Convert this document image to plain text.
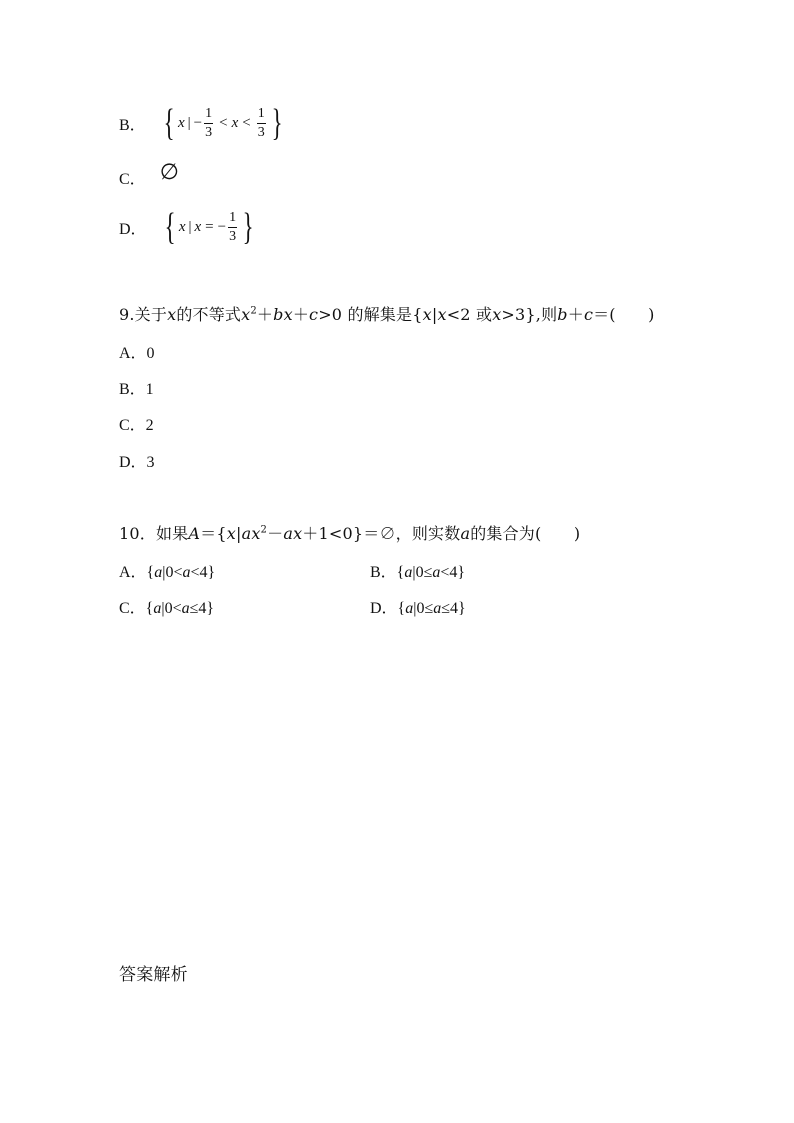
B． { x | − $\frac{1}{3} < x < \frac{1}{3}$ }
C． ∅
D． { x | x = − $\frac{1}{3}$ }
9.关于x的不等式$x^2+bx+c>0$ 的解集是{x|x<2 或x>3},则b＋c＝(　　)
A．0
B．1
C．2
D．3
10．如果$A=\{x|ax^2-ax+1<0\}=\emptyset$，则实数a的集合为(　　)
A．{a|0<a<4}	B．{a|0≤a<4}
C．{a|0<a≤4}	D．{a|0≤a≤4}
答案解析
